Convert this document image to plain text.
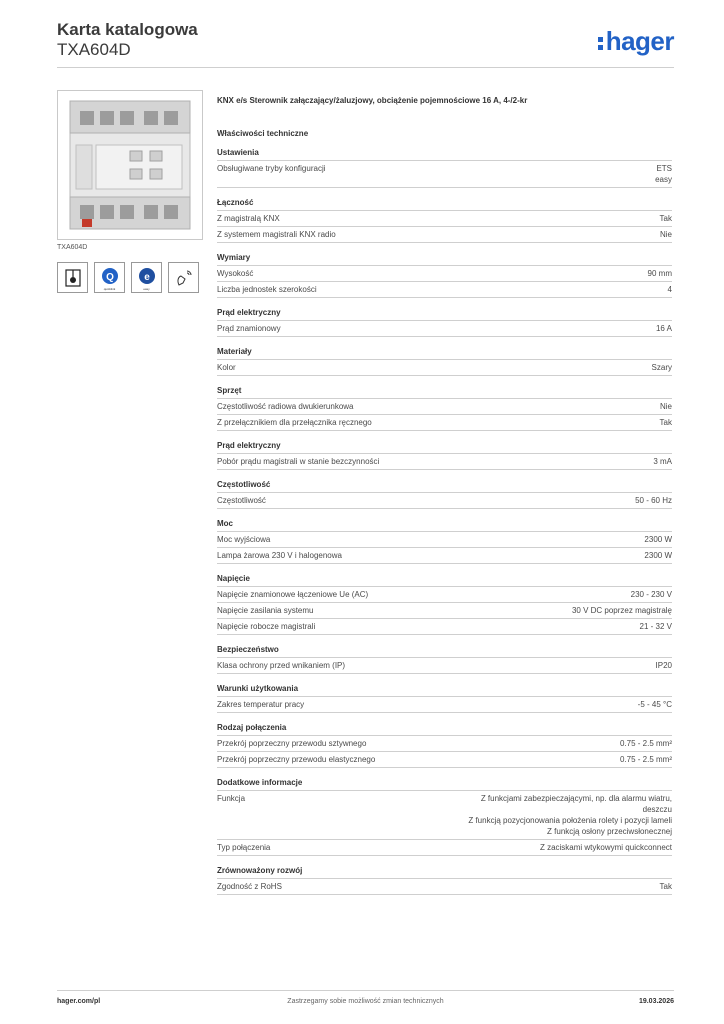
Karta katalogowa
TXA604D	hager
TXA604D
Q
quicklink
e
easy
KNX e/s Sterownik załączający/żaluzjowy, obciążenie pojemnościowe 16 A, 4-/2-kr
Właściwości techniczne
Ustawienia
Obsługiwane tryby konfiguracji	ETS
easy
Łączność
Z magistralą KNX	Tak
Z systemem magistrali KNX radio	Nie
Wymiary
Wysokość	90 mm
Liczba jednostek szerokości	4
Prąd elektryczny
Prąd znamionowy	16 A
Materiały
Kolor	Szary
Sprzęt
Częstotliwość radiowa dwukierunkowa	Nie
Z przełącznikiem dla przełącznika ręcznego	Tak
Prąd elektryczny
Pobór prądu magistrali w stanie bezczynności	3 mA
Częstotliwość
Częstotliwość	50 - 60 Hz
Moc
Moc wyjściowa	2300 W
Lampa żarowa 230 V i halogenowa	2300 W
Napięcie
Napięcie znamionowe łączeniowe Ue (AC)	230 - 230 V
Napięcie zasilania systemu	30 V DC poprzez magistralę
Napięcie robocze magistrali	21 - 32 V
Bezpieczeństwo
Klasa ochrony przed wnikaniem (IP)	IP20
Warunki użytkowania
Zakres temperatur pracy	-5 - 45 °C
Rodzaj połączenia
Przekrój poprzeczny przewodu sztywnego	0.75 - 2.5 mm²
Przekrój poprzeczny przewodu elastycznego	0.75 - 2.5 mm²
Dodatkowe informacje
Funkcja	Z funkcjami zabezpieczającymi, np. dla alarmu wiatru,
deszczu
Z funkcją pozycjonowania położenia rolety i pozycji lameli
Z funkcją osłony przeciwsłonecznej
Typ połączenia	Z zaciskami wtykowymi quickconnect
Zrównoważony rozwój
Zgodność z RoHS	Tak
hager.com/pl	Zastrzegamy sobie możliwość zmian technicznych	19.03.2026
